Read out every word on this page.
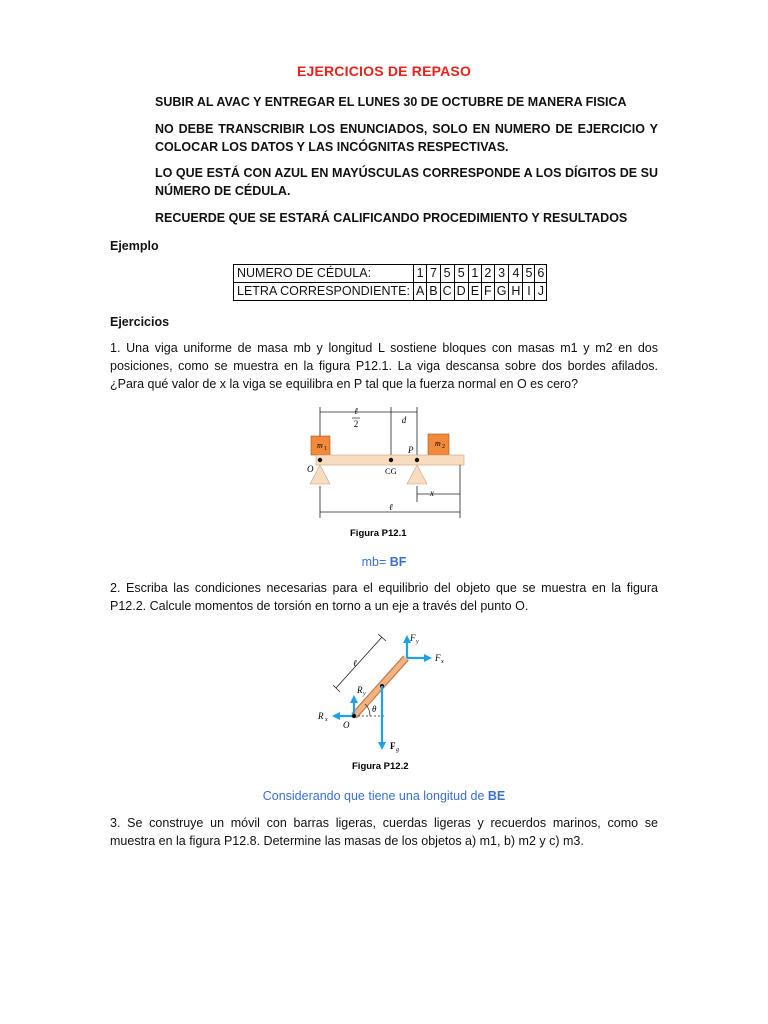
EJERCICIOS DE REPASO
SUBIR AL AVAC Y ENTREGAR EL LUNES 30 DE OCTUBRE DE MANERA FISICA
NO DEBE TRANSCRIBIR LOS ENUNCIADOS, SOLO EN NUMERO DE EJERCICIO Y COLOCAR LOS DATOS Y LAS INCÓGNITAS RESPECTIVAS.
LO QUE ESTÁ CON AZUL EN MAYÚSCULAS CORRESPONDE A LOS DÍGITOS DE SU NÚMERO DE CÉDULA.
RECUERDE QUE SE ESTARÁ CALIFICANDO PROCEDIMIENTO Y RESULTADOS
Ejemplo
NUMERO DE CÉDULA:	1	7	5	5	1	2	3	4	5	6
LETRA CORRESPONDIENTE:	A	B	C	D	E	F	G	H	I	J
Ejercicios
1. Una viga uniforme de masa mb y longitud L sostiene bloques con masas m1 y m2 en dos posiciones, como se muestra en la figura P12.1. La viga descansa sobre dos bordes afilados. ¿Para qué valor de x la viga se equilibra en P tal que la fuerza normal en O es cero?
ℓ
2	d
m 1
m 2
O
P
CG
x
ℓ
Figura P12.1
mb= BF
2. Escriba las condiciones necesarias para el equilibrio del objeto que se muestra en la figura P12.2. Calcule momentos de torsión en torno a un eje a través del punto O.
ℓ
F y
F x
R y
R x
θ
O
F g
Figura P12.2
Considerando que tiene una longitud de BE
3. Se construye un móvil con barras ligeras, cuerdas ligeras y recuerdos marinos, como se muestra en la figura P12.8. Determine las masas de los objetos a) m1, b) m2 y c) m3.
